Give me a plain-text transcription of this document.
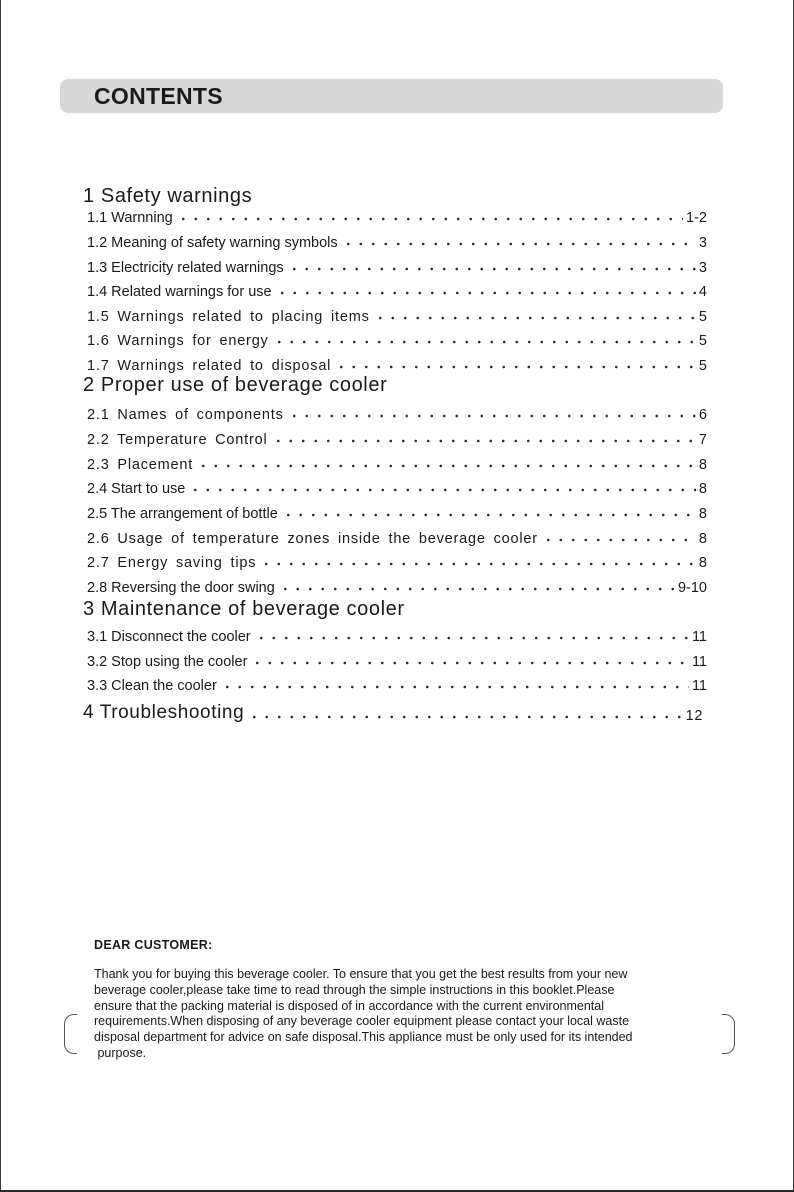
CONTENTS
1 Safety warnings
1.1 Warnning	1-2
1.2 Meaning of safety warning symbols	3
1.3 Electricity related warnings	3
1.4 Related warnings for use	4
1.5 Warnings related to placing items	5
1.6 Warnings for energy	5
1.7 Warnings related to disposal	5
2 Proper use of beverage cooler
2.1 Names of components	6
2.2 Temperature Control	7
2.3 Placement	8
2.4 Start to use	8
2.5 The arrangement of bottle	8
2.6 Usage of temperature zones inside the beverage cooler	8
2.7 Energy saving tips	8
2.8 Reversing the door swing	9-10
3 Maintenance of beverage cooler
3.1 Disconnect the cooler	11
3.2 Stop using the cooler	11
3.3 Clean the cooler	11
4 Troubleshooting	12
DEAR CUSTOMER:
Thank you for buying this beverage cooler. To ensure that you get the best results from your new
beverage cooler,please take time to read through the simple instructions in this booklet.Please
ensure that the packing material is disposed of in accordance with the current environmental
requirements.When disposing of any beverage cooler equipment please contact your local waste
disposal department for advice on safe disposal.This appliance must be only used for its intended
purpose.
